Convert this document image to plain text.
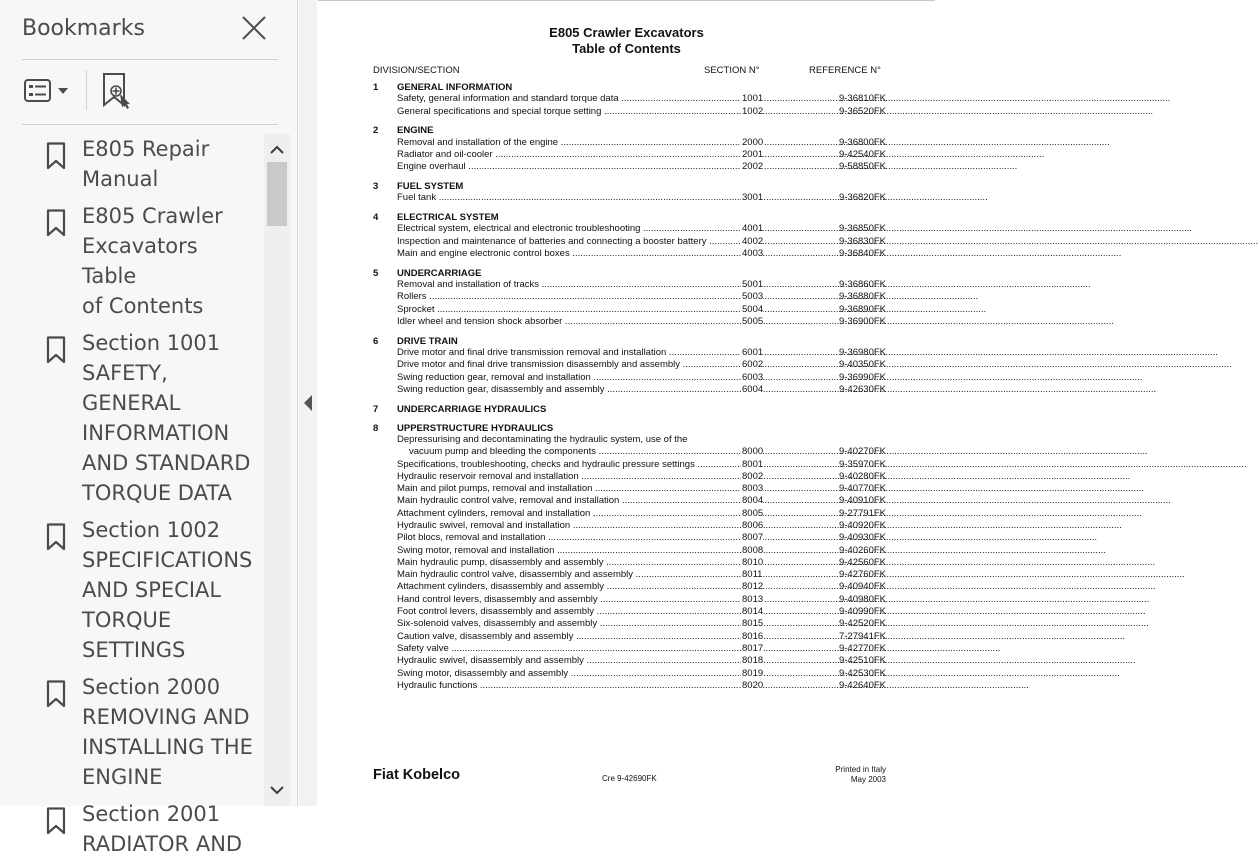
Bookmarks
E805 Repair
Manual
E805 Crawler
Excavators Table
of Contents
Section 1001
SAFETY, GENERAL
INFORMATION
AND STANDARD
TORQUE DATA
Section 1002
SPECIFICATIONS
AND SPECIAL
TORQUE
SETTINGS
Section 2000
REMOVING AND
INSTALLING THE
ENGINE
Section 2001
RADIATOR AND
E805 Crawler Excavators
Table of Contents
DIVISION/SECTION	SECTION N°	REFERENCE N°
1 GENERAL INFORMATION
Safety, general information and standard torque data .....	1001	9-36810FK
General specifications and special torque setting .....	1002	9-36520FK
2 ENGINE
Removal and installation of the engine .....	2000	9-36800FK
Radiator and oil-cooler .....	2001	9-42540FK
Engine overhaul .....	2002	9-58850FK
3 FUEL SYSTEM
Fuel tank .....	3001	9-36820FK
4 ELECTRICAL SYSTEM
Electrical system, electrical and electronic troubleshooting .....	4001	9-36850FK
Inspection and maintenance of batteries and connecting a booster battery .....	4002	9-36830FK
Main and engine electronic control boxes .....	4003	9-36840FK
5 UNDERCARRIAGE
Removal and installation of tracks .....	5001	9-36860FK
Rollers .....	5003	9-36880FK
Sprocket .....	5004	9-36890FK
Idler wheel and tension shock absorber .....	5005	9-36900FK
6 DRIVE TRAIN
Drive motor and final drive transmission removal and installation .....	6001	9-36980FK
Drive motor and final drive transmission disassembly and assembly .....	6002	9-40350FK
Swing reduction gear, removal and installation .....	6003	9-36990FK
Swing reduction gear, disassembly and assembly .....	6004	9-42630FK
7 UNDERCARRIAGE HYDRAULICS
8 UPPERSTRUCTURE HYDRAULICS
Depressurising and decontaminating the hydraulic system, use of the
vacuum pump and bleeding the components .....	8000	9-40270FK
Specifications, troubleshooting, checks and hydraulic pressure settings .....	8001	9-35970FK
Hydraulic reservoir removal and installation .....	8002	9-40280FK
Main and pilot pumps, removal and installation .....	8003	9-40770FK
Main hydraulic control valve, removal and installation .....	8004	9-40910FK
Attachment cylinders, removal and installation .....	8005	9-27791FK
Hydraulic swivel, removal and installation .....	8006	9-40920FK
Pilot blocs, removal and installation .....	8007	9-40930FK
Swing motor, removal and installation .....	8008	9-40260FK
Main hydraulic pump, disassembly and assembly .....	8010	9-42560FK
Main hydraulic control valve, disassembly and assembly .....	8011	9-42760FK
Attachment cylinders, disassembly and assembly .....	8012	9-40940FK
Hand control levers, disassembly and assembly .....	8013	9-40980FK
Foot control levers, disassembly and assembly .....	8014	9-40990FK
Six-solenoid valves, disassembly and assembly .....	8015	9-42520FK
Caution valve, disassembly and assembly .....	8016	7-27941FK
Safety valve .....	8017	9-42770FK
Hydraulic swivel, disassembly and assembly .....	8018	9-42510FK
Swing motor, disassembly and assembly .....	8019	9-42530FK
Hydraulic functions .....	8020	9-42640FK
Fiat Kobelco	Cre 9-42690FK
Printed in Italy
May 2003
